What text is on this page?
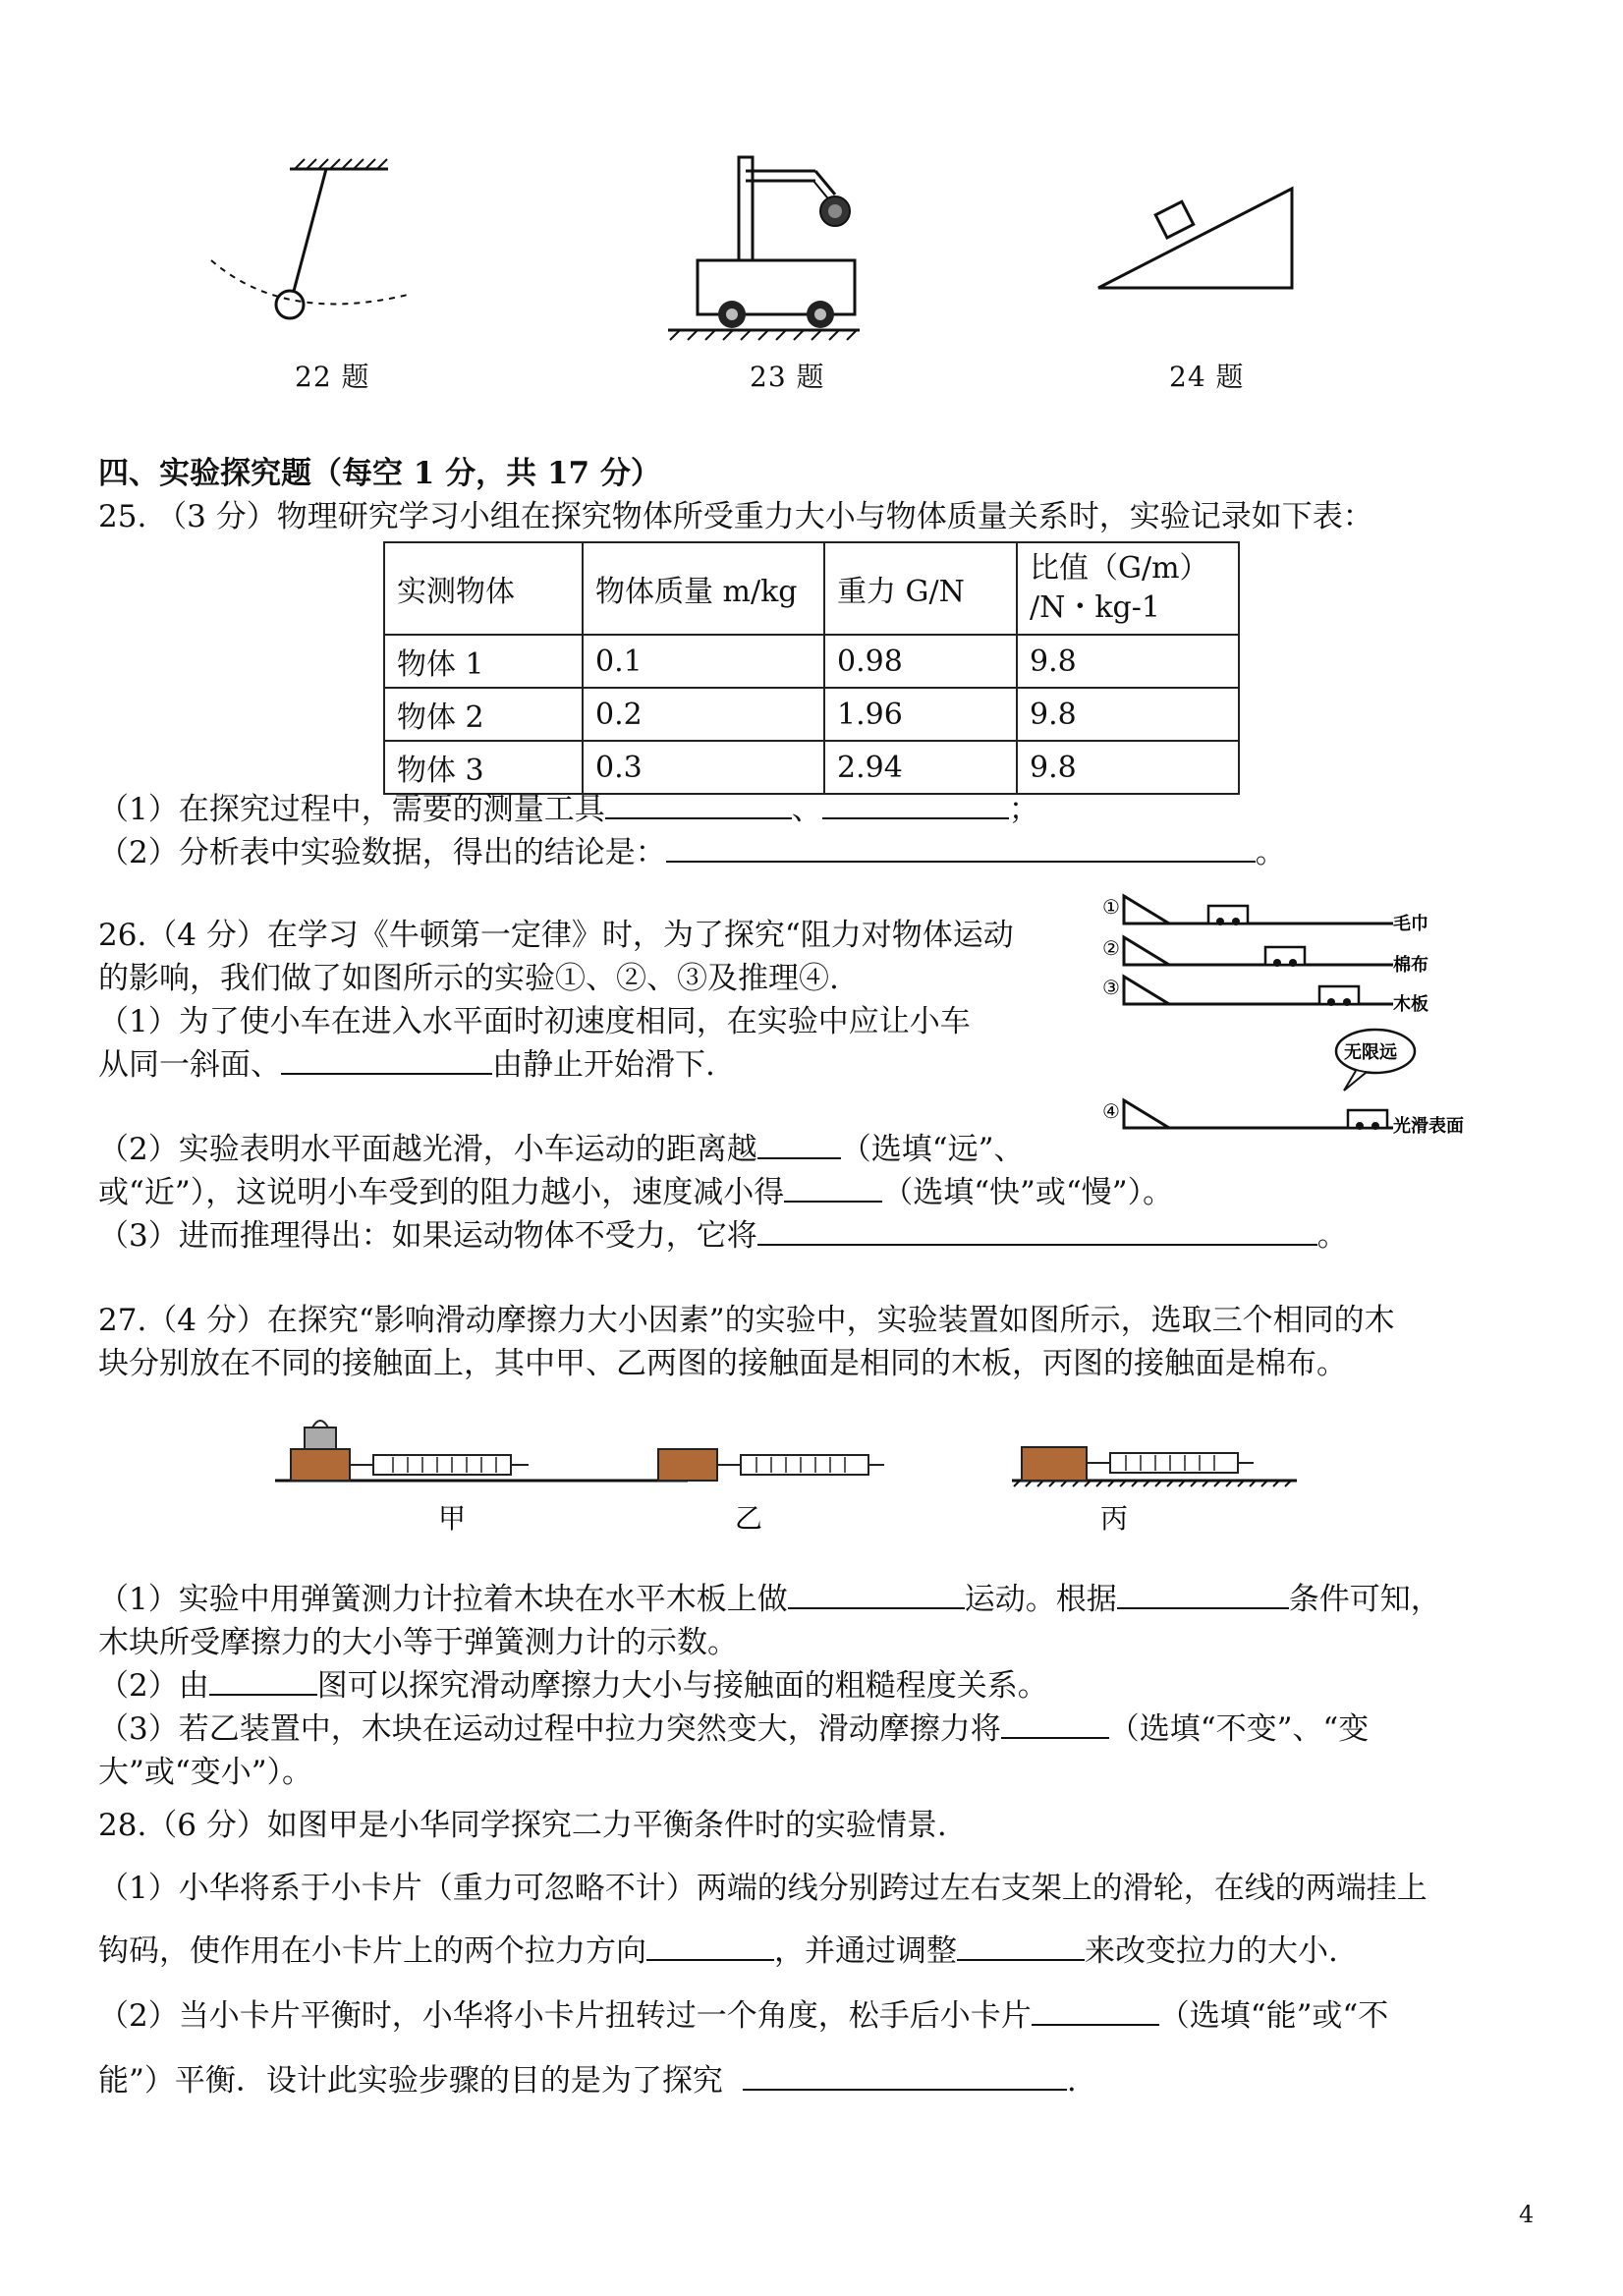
22 题	23 题	24 题
四、实验探究题（每空 1 分，共 17 分）
25. （3 分）物理研究学习小组在探究物体所受重力大小与物体质量关系时，实验记录如下表：
实测物体	物体质量 m/kg	重力 G/N	比值（G/m）
/N・kg-1

物体 1	0.1	0.98	9.8
物体 2	0.2	1.96	9.8
物体 3	0.3	2.94	9.8
（1）在探究过程中，需要的测量工具	、	；
（2）分析表中实验数据，得出的结论是：	。
26.（4 分）在学习《牛顿第一定律》时，为了探究“阻力对物体运动
的影响，我们做了如图所示的实验①、②、③及推理④.
（1）为了使小车在进入水平面时初速度相同，在实验中应让小车
从同一斜面、	由静止开始滑下.
（2）实验表明水平面越光滑，小车运动的距离越	（选填“远”、
或“近”），这说明小车受到的阻力越小，速度减小得	（选填“快”或“慢”）。
（3）进而推理得出：如果运动物体不受力，它将	。
①
毛巾
②
棉布
③
木板
无限远
④
光滑表面
27.（4 分）在探究“影响滑动摩擦力大小因素”的实验中，实验装置如图所示，选取三个相同的木
块分别放在不同的接触面上，其中甲、乙两图的接触面是相同的木板，丙图的接触面是棉布。
甲	乙	丙
（1）实验中用弹簧测力计拉着木块在水平木板上做	运动。根据	条件可知，
木块所受摩擦力的大小等于弹簧测力计的示数。
（2）由	图可以探究滑动摩擦力大小与接触面的粗糙程度关系。
（3）若乙装置中，木块在运动过程中拉力突然变大，滑动摩擦力将	（选填“不变”、“变
大”或“变小”）。
28.（6 分）如图甲是小华同学探究二力平衡条件时的实验情景.
（1）小华将系于小卡片（重力可忽略不计）两端的线分别跨过左右支架上的滑轮，在线的两端挂上
钩码，使作用在小卡片上的两个拉力方向	，并通过调整	来改变拉力的大小.
（2）当小卡片平衡时，小华将小卡片扭转过一个角度，松手后小卡片	（选填“能”或“不
能”）平衡．设计此实验步骤的目的是为了探究	.
4
